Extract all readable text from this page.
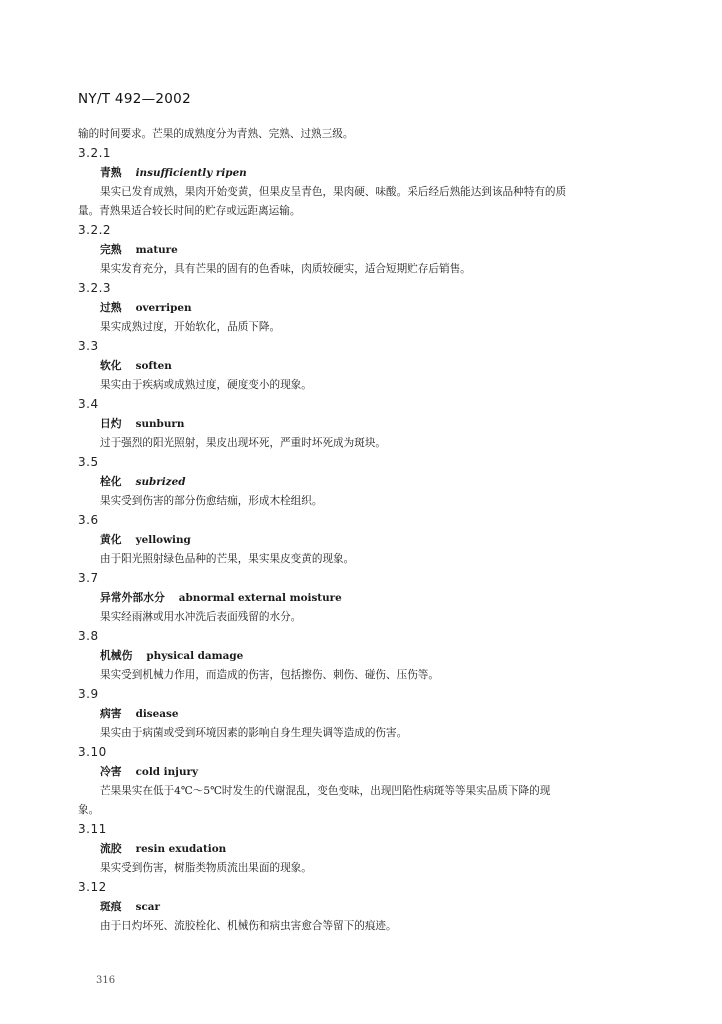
NY/T 492—2002
输的时间要求。芒果的成熟度分为青熟、完熟、过熟三级。
3.2.1
青熟 insufficiently ripen
果实已发育成熟，果肉开始变黄，但果皮呈青色，果肉硬、味酸。采后经后熟能达到该品种特有的质
量。青熟果适合较长时间的贮存或远距离运输。
3.2.2
完熟 mature
果实发育充分，具有芒果的固有的色香味，肉质较硬实，适合短期贮存后销售。
3.2.3
过熟 overripen
果实成熟过度，开始软化，品质下降。
3.3
软化 soften
果实由于疾病或成熟过度，硬度变小的现象。
3.4
日灼 sunburn
过于强烈的阳光照射，果皮出现坏死，严重时坏死成为斑块。
3.5
栓化 subrized
果实受到伤害的部分伤愈结痂，形成木栓组织。
3.6
黄化 yellowing
由于阳光照射绿色品种的芒果，果实果皮变黄的现象。
3.7
异常外部水分 abnormal external moisture
果实经雨淋或用水冲洗后表面残留的水分。
3.8
机械伤 physical damage
果实受到机械力作用，而造成的伤害，包括擦伤、刺伤、碰伤、压伤等。
3.9
病害 disease
果实由于病菌或受到环境因素的影响自身生理失调等造成的伤害。
3.10
冷害 cold injury
芒果果实在低于4℃～5℃时发生的代谢混乱，变色变味，出现凹陷性病斑等等果实品质下降的现
象。
3.11
流胶 resin exudation
果实受到伤害，树脂类物质流出果面的现象。
3.12
斑痕 scar
由于日灼坏死、流胶栓化、机械伤和病虫害愈合等留下的痕迹。
316
